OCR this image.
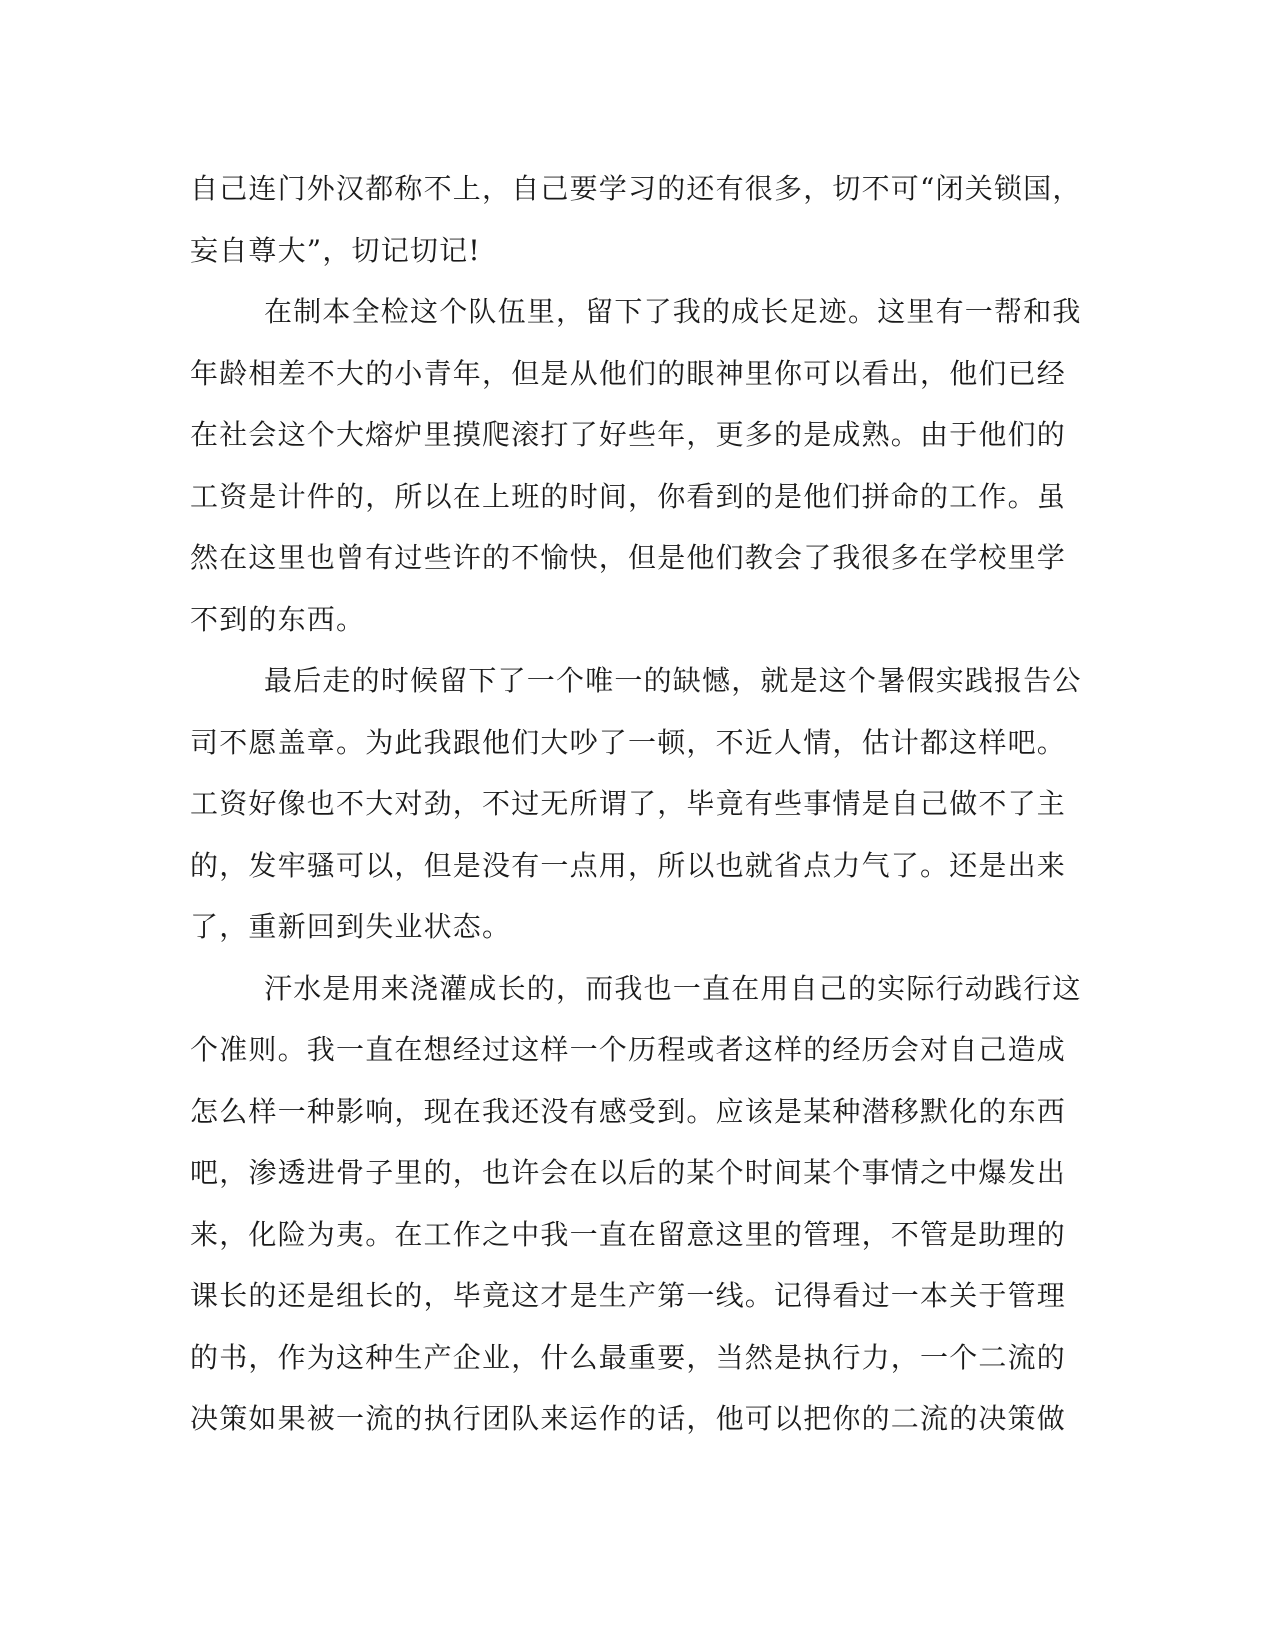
自己连门外汉都称不上，自己要学习的还有很多，切不可“闭关锁国，
妄自尊大”，切记切记!
在制本全检这个队伍里，留下了我的成长足迹。这里有一帮和我
年龄相差不大的小青年，但是从他们的眼神里你可以看出，他们已经
在社会这个大熔炉里摸爬滚打了好些年，更多的是成熟。由于他们的
工资是计件的，所以在上班的时间，你看到的是他们拼命的工作。虽
然在这里也曾有过些许的不愉快，但是他们教会了我很多在学校里学
不到的东西。
最后走的时候留下了一个唯一的缺憾，就是这个暑假实践报告公
司不愿盖章。为此我跟他们大吵了一顿，不近人情，估计都这样吧。
工资好像也不大对劲，不过无所谓了，毕竟有些事情是自己做不了主
的，发牢骚可以，但是没有一点用，所以也就省点力气了。还是出来
了，重新回到失业状态。
汗水是用来浇灌成长的，而我也一直在用自己的实际行动践行这
个准则。我一直在想经过这样一个历程或者这样的经历会对自己造成
怎么样一种影响，现在我还没有感受到。应该是某种潜移默化的东西
吧，渗透进骨子里的，也许会在以后的某个时间某个事情之中爆发出
来，化险为夷。在工作之中我一直在留意这里的管理，不管是助理的
课长的还是组长的，毕竟这才是生产第一线。记得看过一本关于管理
的书，作为这种生产企业，什么最重要，当然是执行力，一个二流的
决策如果被一流的执行团队来运作的话，他可以把你的二流的决策做
